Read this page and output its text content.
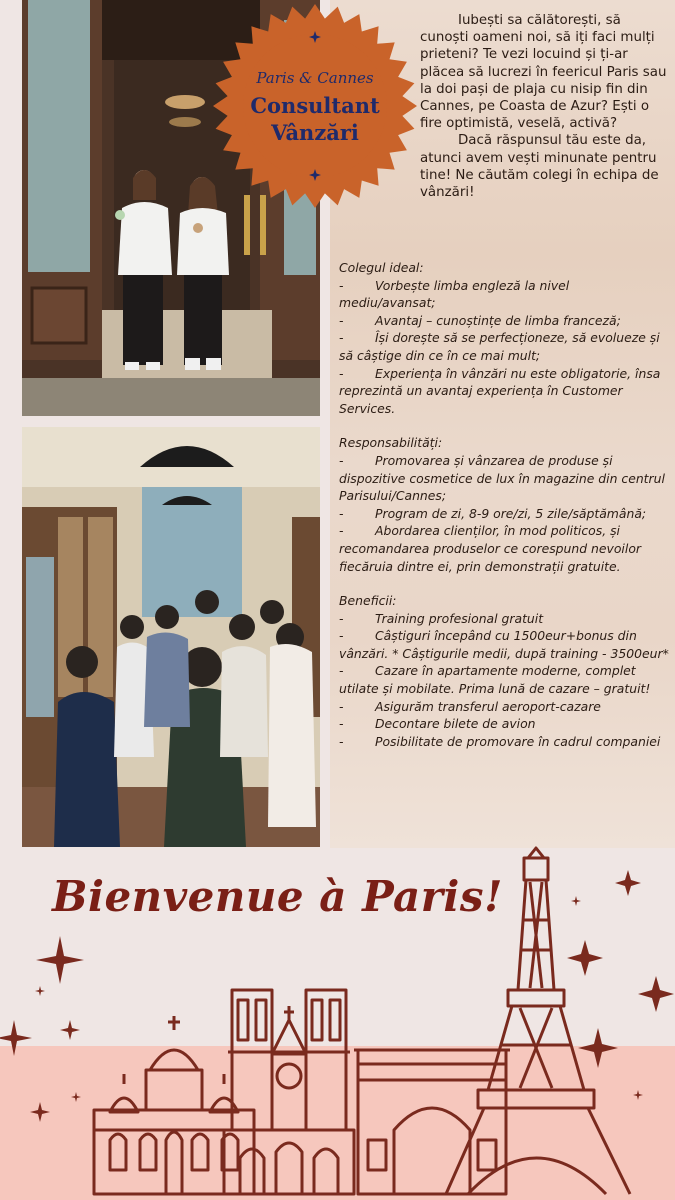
Paris & Cannes
Consultant
Vânzări

Iubești sa călătorești, să cunoști oameni noi, să iți faci mulți prieteni? Te vezi locuind și ți-ar plăcea să lucrezi în feericul Paris sau la doi pași de plaja cu nisip fin din Cannes, pe Coasta de Azur? Ești o fire optimistă, veselă, activă?

Dacă răspunsul tău este da, atunci avem vești minunate pentru tine! Ne căutăm colegi în echipa de vânzări!

Colegul ideal:
-	Vorbește limba engleză la nivel mediu/avansat;
-	Avantaj – cunoștințe de limba franceză;
-	Își dorește să se perfecționeze, să evolueze și să câștige din ce în ce mai mult;
-	Experiența în vânzări nu este obligatorie, însa reprezintă un avantaj experiența în Customer Services.
Responsabilități:
-	Promovarea și vânzarea de produse și dispozitive cosmetice de lux în magazine din centrul Parisului/Cannes;
-	Program de zi, 8-9 ore/zi, 5 zile/săptămână;
-	Abordarea clienților, în mod politicos, și recomandarea produselor ce corespund nevoilor fiecăruia dintre ei, prin demonstrații gratuite.
Beneficii:
-	Training profesional gratuit
-	Câștiguri începând cu 1500eur+bonus din vânzări. * Câștigurile medii, după training - 3500eur*
-	Cazare în apartamente moderne, complet utilate și mobilate. Prima lună de cazare – gratuit!
-	Asigurăm transferul aeroport-cazare
-	Decontare bilete de avion
-	Posibilitate de promovare în cadrul companiei
Bienvenue à Paris!
